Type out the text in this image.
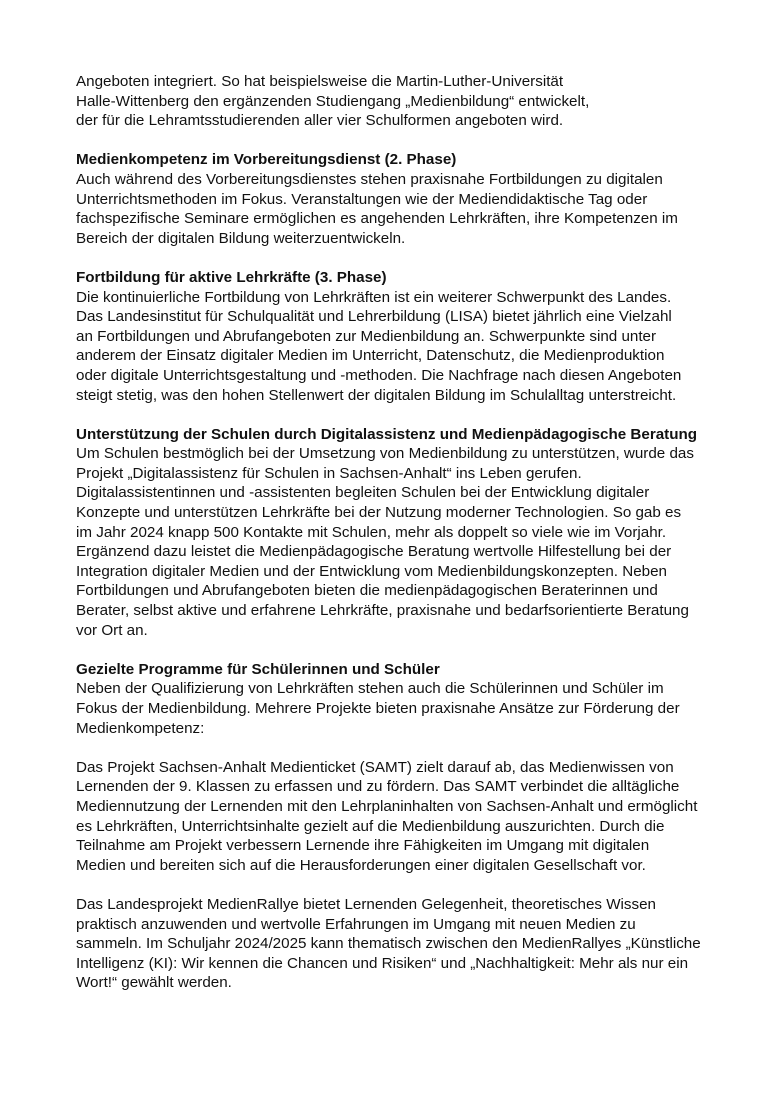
Angeboten integriert. So hat beispielsweise die Martin-Luther-Universität
Halle-Wittenberg den ergänzenden Studiengang „Medienbildung“ entwickelt,
der für die Lehramtsstudierenden aller vier Schulformen angeboten wird.
Medienkompetenz im Vorbereitungsdienst (2. Phase)
Auch während des Vorbereitungsdienstes stehen praxisnahe Fortbildungen zu digitalen
Unterrichtsmethoden im Fokus. Veranstaltungen wie der Mediendidaktische Tag oder
fachspezifische Seminare ermöglichen es angehenden Lehrkräften, ihre Kompetenzen im
Bereich der digitalen Bildung weiterzuentwickeln.
Fortbildung für aktive Lehrkräfte (3. Phase)
Die kontinuierliche Fortbildung von Lehrkräften ist ein weiterer Schwerpunkt des Landes.
Das Landesinstitut für Schulqualität und Lehrerbildung (LISA) bietet jährlich eine Vielzahl
an Fortbildungen und Abrufangeboten zur Medienbildung an. Schwerpunkte sind unter
anderem der Einsatz digitaler Medien im Unterricht, Datenschutz, die Medienproduktion
oder digitale Unterrichtsgestaltung und -methoden. Die Nachfrage nach diesen Angeboten
steigt stetig, was den hohen Stellenwert der digitalen Bildung im Schulalltag unterstreicht.
Unterstützung der Schulen durch Digitalassistenz und Medienpädagogische Beratung
Um Schulen bestmöglich bei der Umsetzung von Medienbildung zu unterstützen, wurde das
Projekt „Digitalassistenz für Schulen in Sachsen-Anhalt“ ins Leben gerufen.
Digitalassistentinnen und -assistenten begleiten Schulen bei der Entwicklung digitaler
Konzepte und unterstützen Lehrkräfte bei der Nutzung moderner Technologien. So gab es
im Jahr 2024 knapp 500 Kontakte mit Schulen, mehr als doppelt so viele wie im Vorjahr.
Ergänzend dazu leistet die Medienpädagogische Beratung wertvolle Hilfestellung bei der
Integration digitaler Medien und der Entwicklung vom Medienbildungskonzepten. Neben
Fortbildungen und Abrufangeboten bieten die medienpädagogischen Beraterinnen und
Berater, selbst aktive und erfahrene Lehrkräfte, praxisnahe und bedarfsorientierte Beratung
vor Ort an.
Gezielte Programme für Schülerinnen und Schüler
Neben der Qualifizierung von Lehrkräften stehen auch die Schülerinnen und Schüler im
Fokus der Medienbildung. Mehrere Projekte bieten praxisnahe Ansätze zur Förderung der
Medienkompetenz:
Das Projekt Sachsen-Anhalt Medienticket (SAMT) zielt darauf ab, das Medienwissen von
Lernenden der 9. Klassen zu erfassen und zu fördern. Das SAMT verbindet die alltägliche
Mediennutzung der Lernenden mit den Lehrplaninhalten von Sachsen-Anhalt und ermöglicht
es Lehrkräften, Unterrichtsinhalte gezielt auf die Medienbildung auszurichten. Durch die
Teilnahme am Projekt verbessern Lernende ihre Fähigkeiten im Umgang mit digitalen
Medien und bereiten sich auf die Herausforderungen einer digitalen Gesellschaft vor.
Das Landesprojekt MedienRallye bietet Lernenden Gelegenheit, theoretisches Wissen
praktisch anzuwenden und wertvolle Erfahrungen im Umgang mit neuen Medien zu
sammeln. Im Schuljahr 2024/2025 kann thematisch zwischen den MedienRallyes „Künstliche
Intelligenz (KI): Wir kennen die Chancen und Risiken“ und „Nachhaltigkeit: Mehr als nur ein
Wort!“ gewählt werden.
